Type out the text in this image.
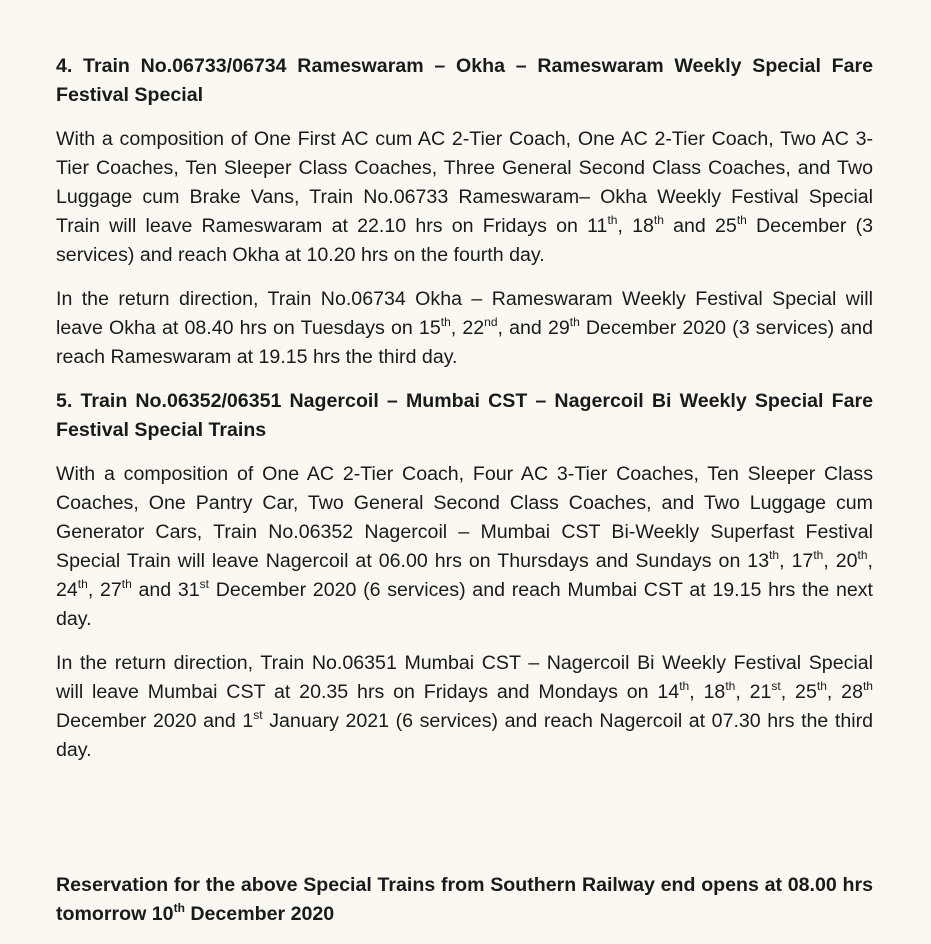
4. Train No.06733/06734 Rameswaram – Okha – Rameswaram Weekly Special Fare Festival Special

With a composition of One First AC cum AC 2-Tier Coach, One AC 2-Tier Coach, Two AC 3-Tier Coaches, Ten Sleeper Class Coaches, Three General Second Class Coaches, and Two Luggage cum Brake Vans, Train No.06733 Rameswaram– Okha Weekly Festival Special Train will leave Rameswaram at 22.10 hrs on Fridays on 11th, 18th and 25th December (3 services) and reach Okha at 10.20 hrs on the fourth day.

In the return direction, Train No.06734 Okha – Rameswaram Weekly Festival Special will leave Okha at 08.40 hrs on Tuesdays on 15th, 22nd, and 29th December 2020 (3 services) and reach Rameswaram at 19.15 hrs the third day.

5. Train No.06352/06351 Nagercoil – Mumbai CST – Nagercoil Bi Weekly Special Fare Festival Special Trains

With a composition of One AC 2-Tier Coach, Four AC 3-Tier Coaches, Ten Sleeper Class Coaches, One Pantry Car, Two General Second Class Coaches, and Two Luggage cum Generator Cars, Train No.06352 Nagercoil – Mumbai CST Bi-Weekly Superfast Festival Special Train will leave Nagercoil at 06.00 hrs on Thursdays and Sundays on 13th, 17th, 20th, 24th, 27th and 31st December 2020 (6 services) and reach Mumbai CST at 19.15 hrs the next day.

In the return direction, Train No.06351 Mumbai CST – Nagercoil Bi Weekly Festival Special will leave Mumbai CST at 20.35 hrs on Fridays and Mondays on 14th, 18th, 21st, 25th, 28th December 2020 and 1st January 2021 (6 services) and reach Nagercoil at 07.30 hrs the third day.

Reservation for the above Special Trains from Southern Railway end opens at 08.00 hrs tomorrow 10th December 2020
